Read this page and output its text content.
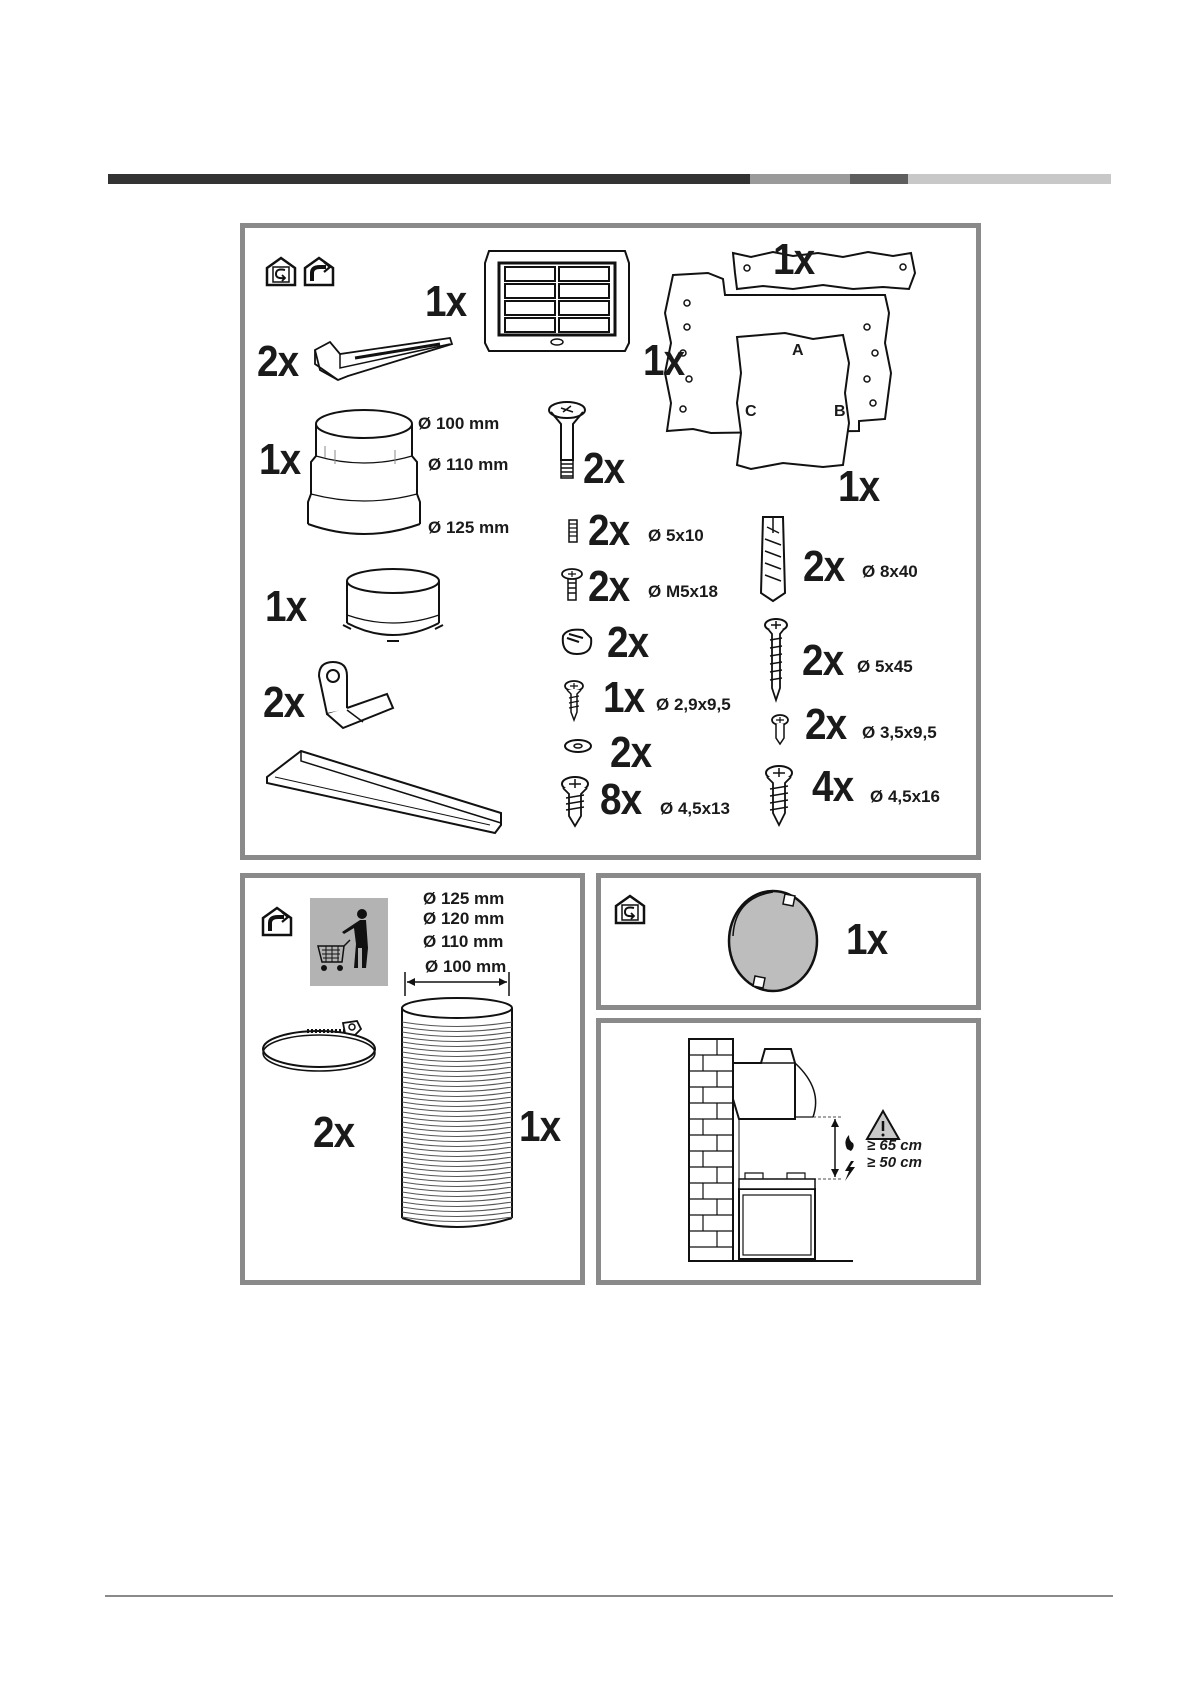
1x
2x
1x
Ø 100 mm
Ø 110 mm
Ø 125 mm
1x
2x
A
B
C
1x
1x
1x
2x
2x Ø 5x10
2x Ø M5x18
2x
1x Ø 2,9x9,5
2x
8x Ø 4,5x13
2x Ø 8x40
2x Ø 5x45
2x Ø 3,5x9,5
4x Ø 4,5x16
Ø 125 mm
Ø 120 mm
Ø 110 mm
Ø 100 mm
2x	1x
1x
≥ 65 cm
≥ 50 cm
